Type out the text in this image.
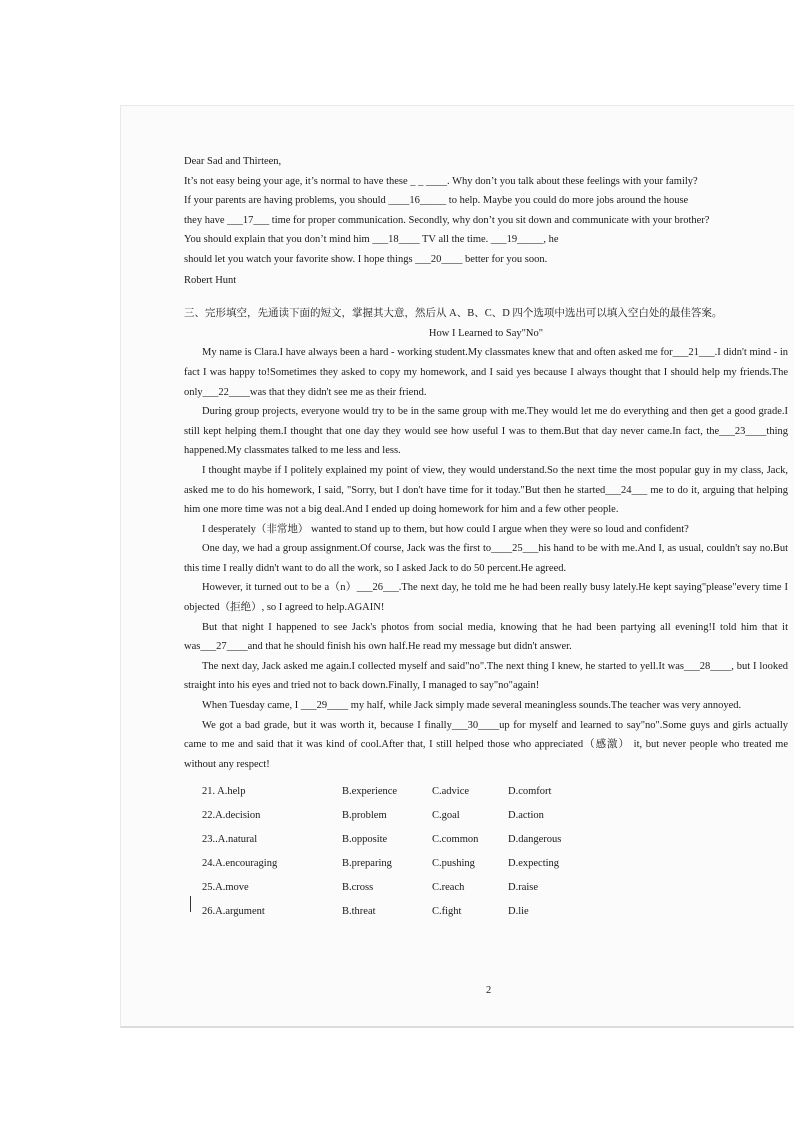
Dear Sad and Thirteen,
It’s not easy being your age, it’s normal to have these _ _ ____. Why don’t you talk about these feelings with your family?
If your parents are having problems, you should ____16_____ to help. Maybe you could do more jobs around the house
they have ___17___ time for proper communication. Secondly, why don’t you sit down and communicate with your brother?
You should explain that you don’t mind him ___18____ TV all the time. ___19_____, he
should let you watch your favorite show. I hope things ___20____ better for you soon.
Robert Hunt
三、完形填空，先通读下面的短文，掌握其大意，然后从 A、B、C、D 四个选项中选出可以填入空白处的最佳答案。
How I Learned to Say"No"

My name is Clara.I have always been a hard - working student.My classmates knew that and often asked me for___21___.I didn't mind - in fact I was happy to!Sometimes they asked to copy my homework, and I said yes because I always thought that I should help my friends.The only___22____was that they didn't see me as their friend.

During group projects, everyone would try to be in the same group with me.They would let me do everything and then get a good grade.I still kept helping them.I thought that one day they would see how useful I was to them.But that day never came.In fact, the___23____thing happened.My classmates talked to me less and less.

I thought maybe if I politely explained my point of view, they would understand.So the next time the most popular guy in my class, Jack, asked me to do his homework, I said, "Sorry, but I don't have time for it today."But then he started___24___ me to do it, arguing that helping him one more time was not a big deal.And I ended up doing homework for him and a few other people.

I desperately（非常地） wanted to stand up to them, but how could I argue when they were so loud and confident?

One day, we had a group assignment.Of course, Jack was the first to____25___his hand to be with me.And I, as usual, couldn't say no.But this time I really didn't want to do all the work, so I asked Jack to do 50 percent.He agreed.

However, it turned out to be a（n）___26___.The next day, he told me he had been really busy lately.He kept saying"please"every time I objected（拒绝）, so I agreed to help.AGAIN!

But that night I happened to see Jack's photos from social media, knowing that he had been partying all evening!I told him that it was___27____and that he should finish his own half.He read my message but didn't answer.

The next day, Jack asked me again.I collected myself and said"no".The next thing I knew, he started to yell.It was___28____, but I looked straight into his eyes and tried not to back down.Finally, I managed to say"no"again!

When Tuesday came, I ___29____ my half, while Jack simply made several meaningless sounds.The teacher was very annoyed.

We got a bad grade, but it was worth it, because I finally___30____up for myself and learned to say"no".Some guys and girls actually came to me and said that it was kind of cool.After that, I still helped those who appreciated（感激） it, but never people who treated me without any respect!

21. A.help	B.experience	C.advice	D.comfort
22.A.decision	B.problem	C.goal	D.action
23..A.natural	B.opposite	C.common	D.dangerous
24.A.encouraging	B.preparing	C.pushing	D.expecting
25.A.move	B.cross	C.reach	D.raise
26.A.argument	B.threat	C.fight	D.lie
2
